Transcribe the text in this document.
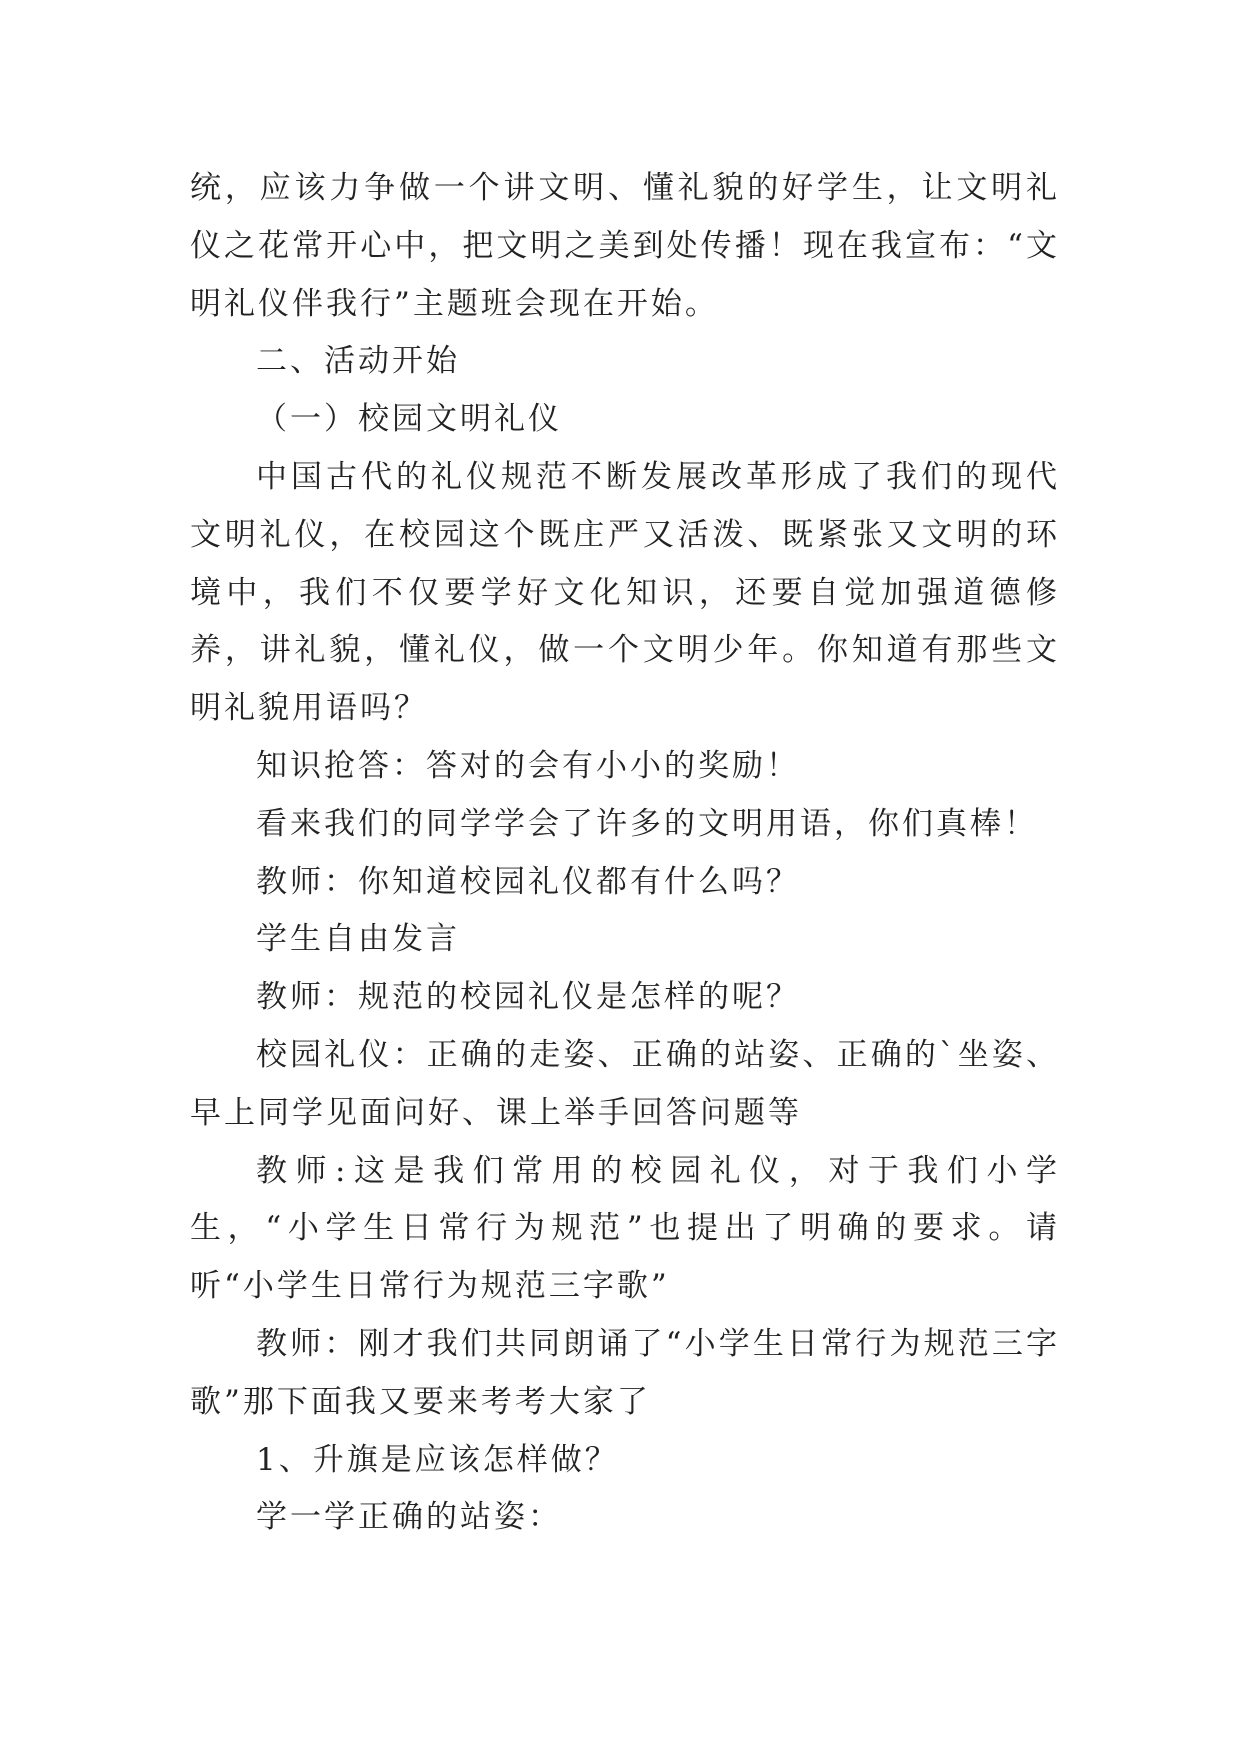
统，应该力争做一个讲文明、懂礼貌的好学生，让文明礼仪之花常开心中，把文明之美到处传播！现在我宣布：“文明礼仪伴我行”主题班会现在开始。

二、活动开始

（一）校园文明礼仪

中国古代的礼仪规范不断发展改革形成了我们的现代文明礼仪，在校园这个既庄严又活泼、既紧张又文明的环境中，我们不仅要学好文化知识，还要自觉加强道德修养，讲礼貌，懂礼仪，做一个文明少年。你知道有那些文明礼貌用语吗？

知识抢答：答对的会有小小的奖励！

看来我们的同学学会了许多的文明用语，你们真棒！

教师：你知道校园礼仪都有什么吗？

学生自由发言

教师：规范的校园礼仪是怎样的呢？

校园礼仪：正确的走姿、正确的站姿、正确的`坐姿、早上同学见面问好、课上举手回答问题等

教师:这是我们常用的校园礼仪，对于我们小学生，“小学生日常行为规范”也提出了明确的要求。请听“小学生日常行为规范三字歌”

教师：刚才我们共同朗诵了“小学生日常行为规范三字歌”那下面我又要来考考大家了

1、升旗是应该怎样做？

学一学正确的站姿：
